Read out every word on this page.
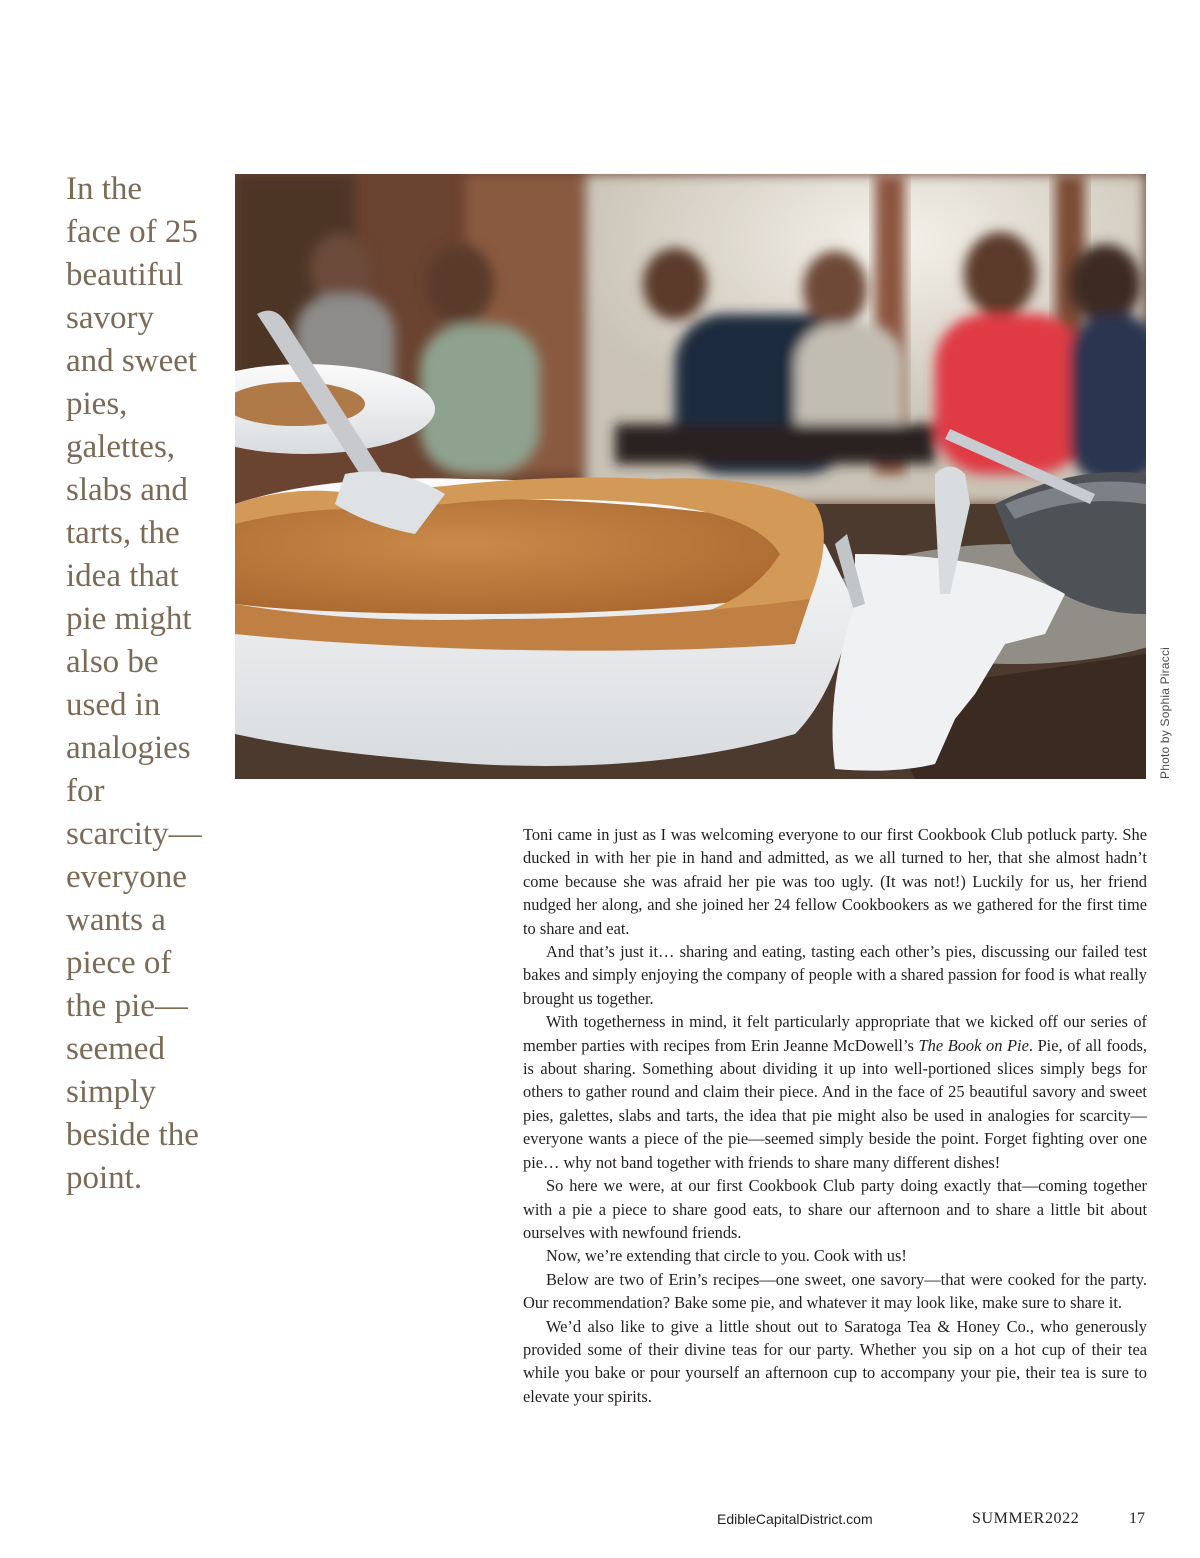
In the
face of 25
beautiful
savory
and sweet
pies,
galettes,
slabs and
tarts, the
idea that
pie might
also be
used in
analogies
for
scarcity—
everyone
wants a
piece of
the pie—
seemed
simply
beside the
point.
Photo by Sophia Piracci

Toni came in just as I was welcoming everyone to our first Cookbook Club potluck party. She ducked in with her pie in hand and admitted, as we all turned to her, that she almost hadn’t come because she was afraid her pie was too ugly. (It was not!) Luckily for us, her friend nudged her along, and she joined her 24 fellow Cookbookers as we gathered for the first time to share and eat.

And that’s just it… sharing and eating, tasting each other’s pies, discussing our failed test bakes and simply enjoying the company of people with a shared passion for food is what really brought us together.

With togetherness in mind, it felt particularly appropriate that we kicked off our series of member parties with recipes from Erin Jeanne McDowell’s The Book on Pie. Pie, of all foods, is about sharing. Something about dividing it up into well-portioned slices simply begs for others to gather round and claim their piece. And in the face of 25 beautiful savory and sweet pies, galettes, slabs and tarts, the idea that pie might also be used in analogies for scarcity—everyone wants a piece of the pie—seemed simply beside the point. Forget fighting over one pie… why not band together with friends to share many different dishes!

So here we were, at our first Cookbook Club party doing exactly that—coming together with a pie a piece to share good eats, to share our afternoon and to share a little bit about ourselves with newfound friends.

Now, we’re extending that circle to you. Cook with us!

Below are two of Erin’s recipes—one sweet, one savory—that were cooked for the party. Our recommendation? Bake some pie, and whatever it may look like, make sure to share it.

We’d also like to give a little shout out to Saratoga Tea & Honey Co., who generously provided some of their divine teas for our party. Whether you sip on a hot cup of their tea while you bake or pour yourself an afternoon cup to accompany your pie, their tea is sure to elevate your spirits.

EdibleCapitalDistrict.com	SUMMER2022	17
